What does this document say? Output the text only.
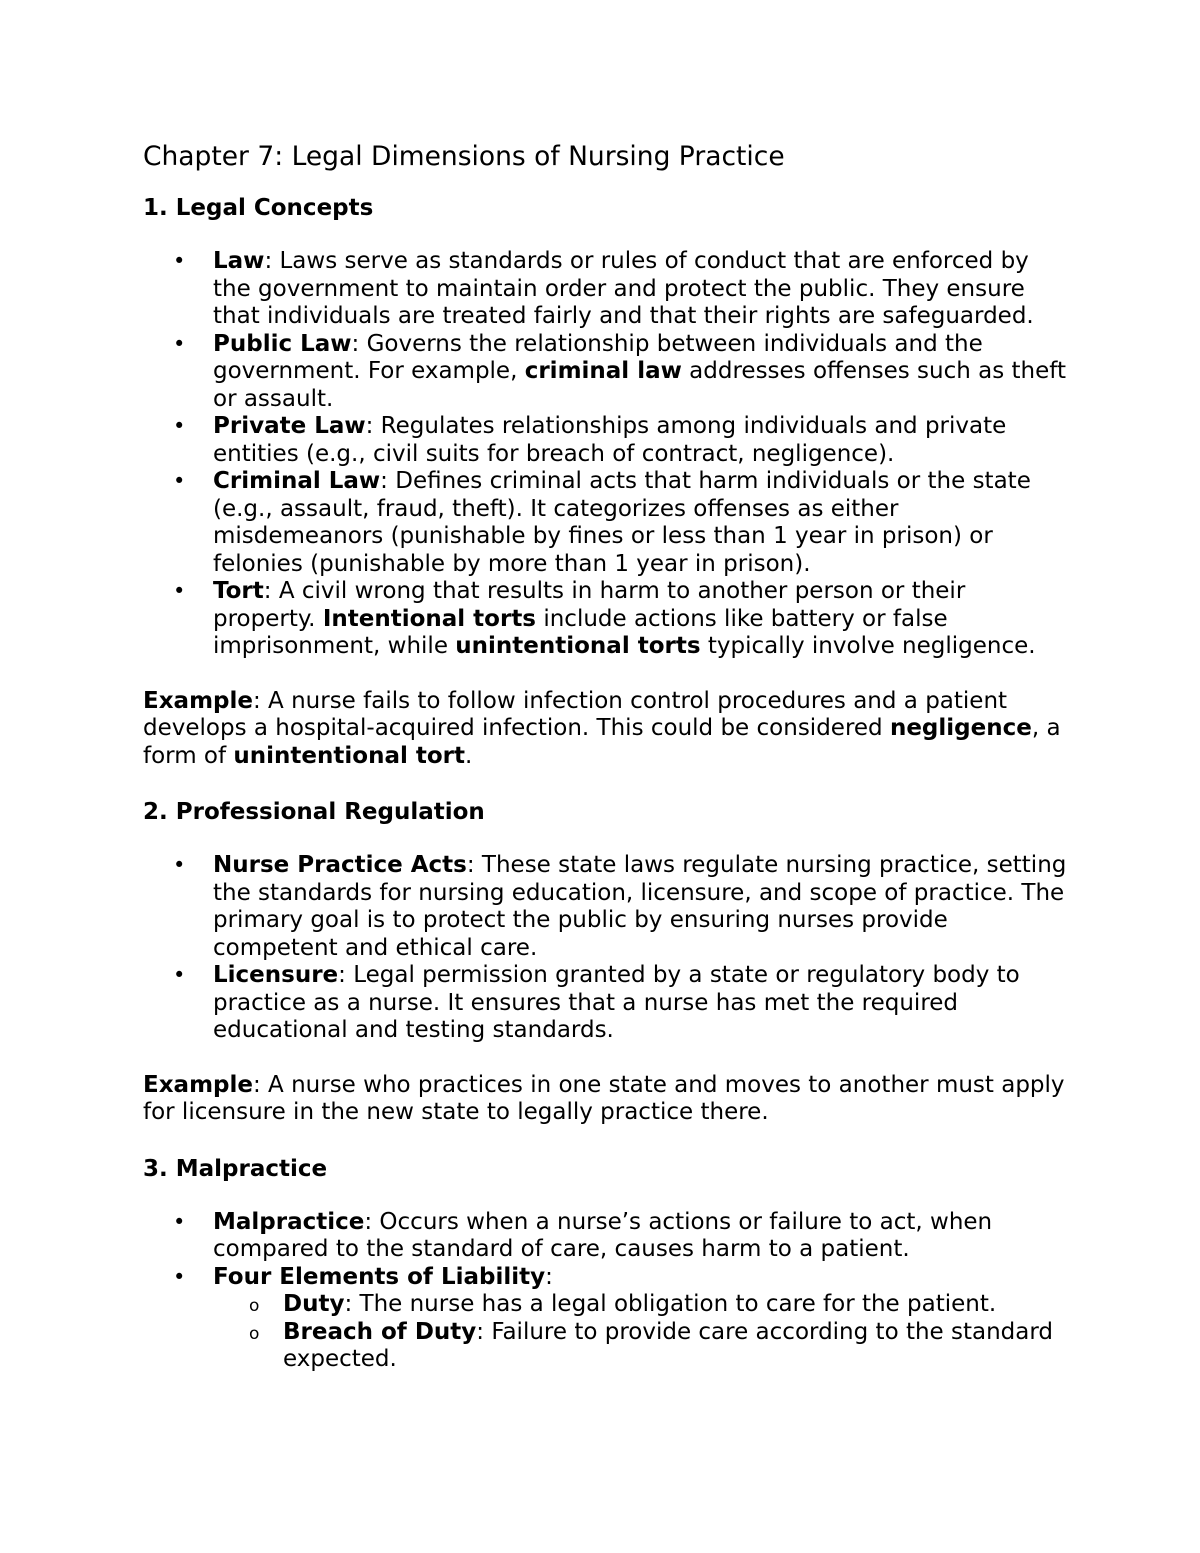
Chapter 7: Legal Dimensions of Nursing Practice
1. Legal Concepts
• Law: Laws serve as standards or rules of conduct that are enforced by the government to maintain order and protect the public. They ensure that individuals are treated fairly and that their rights are safeguarded.
• Public Law: Governs the relationship between individuals and the government. For example, criminal law addresses offenses such as theft or assault.
• Private Law: Regulates relationships among individuals and private entities (e.g., civil suits for breach of contract, negligence).
• Criminal Law: Defines criminal acts that harm individuals or the state (e.g., assault, fraud, theft). It categorizes offenses as either misdemeanors (punishable by fines or less than 1 year in prison) or felonies (punishable by more than 1 year in prison).
• Tort: A civil wrong that results in harm to another person or their property. Intentional torts include actions like battery or false imprisonment, while unintentional torts typically involve negligence.

Example: A nurse fails to follow infection control procedures and a patient develops a hospital-acquired infection. This could be considered negligence, a form of unintentional tort.

2. Professional Regulation
• Nurse Practice Acts: These state laws regulate nursing practice, setting the standards for nursing education, licensure, and scope of practice. The primary goal is to protect the public by ensuring nurses provide competent and ethical care.
• Licensure: Legal permission granted by a state or regulatory body to practice as a nurse. It ensures that a nurse has met the required educational and testing standards.

Example: A nurse who practices in one state and moves to another must apply for licensure in the new state to legally practice there.

3. Malpractice
• Malpractice: Occurs when a nurse’s actions or failure to act, when compared to the standard of care, causes harm to a patient.
• Four Elements of Liability:
o Duty: The nurse has a legal obligation to care for the patient.
o Breach of Duty: Failure to provide care according to the standard expected.
